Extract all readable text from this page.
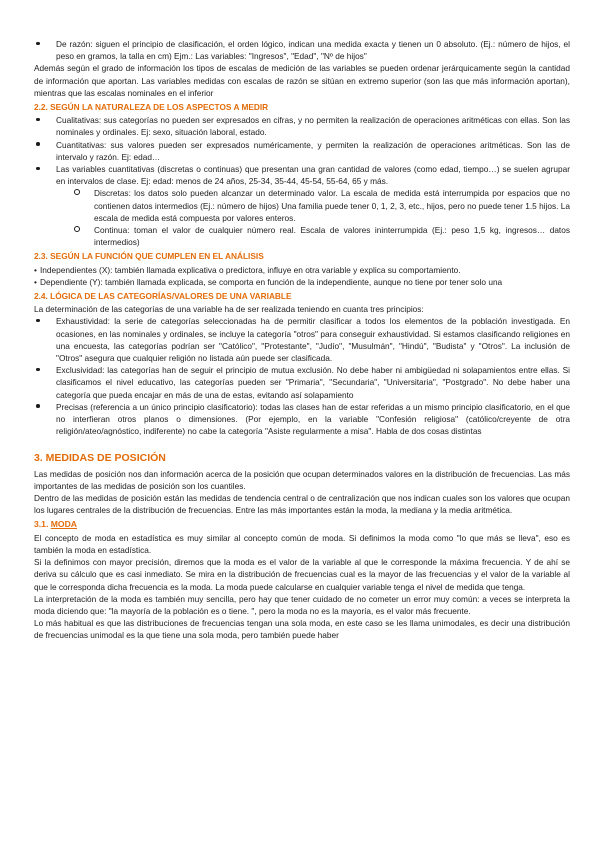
De razón: siguen el principio de clasificación, el orden lógico, indican una medida exacta y tienen un 0 absoluto. (Ej.: número de hijos, el peso en gramos, la talla en cm) Ejm.: Las variables: "Ingresos", "Edad", "Nº de hijos"

Además según el grado de información los tipos de escalas de medición de las variables se pueden ordenar jerárquicamente según la cantidad de información que aportan. Las variables medidas con escalas de razón se sitúan en extremo superior (son las que más información aportan), mientras que las escalas nominales en el inferior

2.2. SEGÚN LA NATURALEZA DE LOS ASPECTOS A MEDIR

Cualitativas: sus categorías no pueden ser expresados en cifras, y no permiten la realización de operaciones aritméticas con ellas. Son las nominales y ordinales. Ej: sexo, situación laboral, estado.

Cuantitativas: sus valores pueden ser expresados numéricamente, y permiten la realización de operaciones aritméticas. Son las de intervalo y razón. Ej: edad…

Las variables cuantitativas (discretas o continuas) que presentan una gran cantidad de valores (como edad, tiempo…) se suelen agrupar en intervalos de clase. Ej: edad: menos de 24 años, 25-34, 35-44, 45-54, 55-64, 65 y más.

Discretas: los datos solo pueden alcanzar un determinado valor. La escala de medida está interrumpida por espacios que no contienen datos intermedios (Ej.: número de hijos) Una familia puede tener 0, 1, 2, 3, etc., hijos, pero no puede tener 1.5 hijos. La escala de medida está compuesta por valores enteros.

Continua: toman el valor de cualquier número real. Escala de valores ininterrumpida (Ej.: peso 1,5 kg, ingresos… datos intermedios)

2.3. SEGÚN LA FUNCIÓN QUE CUMPLEN EN EL ANÁLISIS

• Independientes (X): también llamada explicativa o predictora, influye en otra variable y explica su comportamiento.

• Dependiente (Y): también llamada explicada, se comporta en función de la independiente, aunque no tiene por tener solo una

2.4. LÓGICA DE LAS CATEGORÍAS/VALORES DE UNA VARIABLE

La determinación de las categorías de una variable ha de ser realizada teniendo en cuanta tres principios:

Exhaustividad: la serie de categorías seleccionadas ha de permitir clasificar a todos los elementos de la población investigada. En ocasiones, en las nominales y ordinales, se incluye la categoría "otros" para conseguir exhaustividad. Si estamos clasificando religiones en una encuesta, las categorías podrían ser "Católico", "Protestante", "Judío", "Musulmán", "Hindú", "Budista" y "Otros". La inclusión de "Otros" asegura que cualquier religión no listada aún puede ser clasificada.

Exclusividad: las categorías han de seguir el principio de mutua exclusión. No debe haber ni ambigüedad ni solapamientos entre ellas. Si clasificamos el nivel educativo, las categorías pueden ser "Primaria", "Secundaria", "Universitaria", "Postgrado". No debe haber una categoría que pueda encajar en más de una de estas, evitando así solapamiento

Precisas (referencia a un único principio clasificatorio): todas las clases han de estar referidas a un mismo principio clasificatorio, en el que no interfieran otros planos o dimensiones. (Por ejemplo, en la variable "Confesión religiosa" (católico/creyente de otra religión/ateo/agnóstico, indiferente) no cabe la categoría "Asiste regularmente a misa". Habla de dos cosas distintas

3. MEDIDAS DE POSICIÓN

Las medidas de posición nos dan información acerca de la posición que ocupan determinados valores en la distribución de frecuencias. Las más importantes de las medidas de posición son los cuantiles.

Dentro de las medidas de posición están las medidas de tendencia central o de centralización que nos indican cuales son los valores que ocupan los lugares centrales de la distribución de frecuencias. Entre las más importantes están la moda, la mediana y la media aritmética.

3.1. MODA

El concepto de moda en estadística es muy similar al concepto común de moda. Si definimos la moda como "lo que más se lleva", eso es también la moda en estadística.

Si la definimos con mayor precisión, diremos que la moda es el valor de la variable al que le corresponde la máxima frecuencia. Y de ahí se deriva su cálculo que es casi inmediato. Se mira en la distribución de frecuencias cual es la mayor de las frecuencias y el valor de la variable al que le corresponda dicha frecuencia es la moda. La moda puede calcularse en cualquier variable tenga el nivel de medida que tenga.

La interpretación de la moda es también muy sencilla, pero hay que tener cuidado de no cometer un error muy común: a veces se interpreta la moda diciendo que: "la mayoría de la población es o tiene. ", pero la moda no es la mayoría, es el valor más frecuente.

Lo más habitual es que las distribuciones de frecuencias tengan una sola moda, en este caso se les llama unimodales, es decir una distribución de frecuencias unimodal es la que tiene una sola moda, pero también puede haber
